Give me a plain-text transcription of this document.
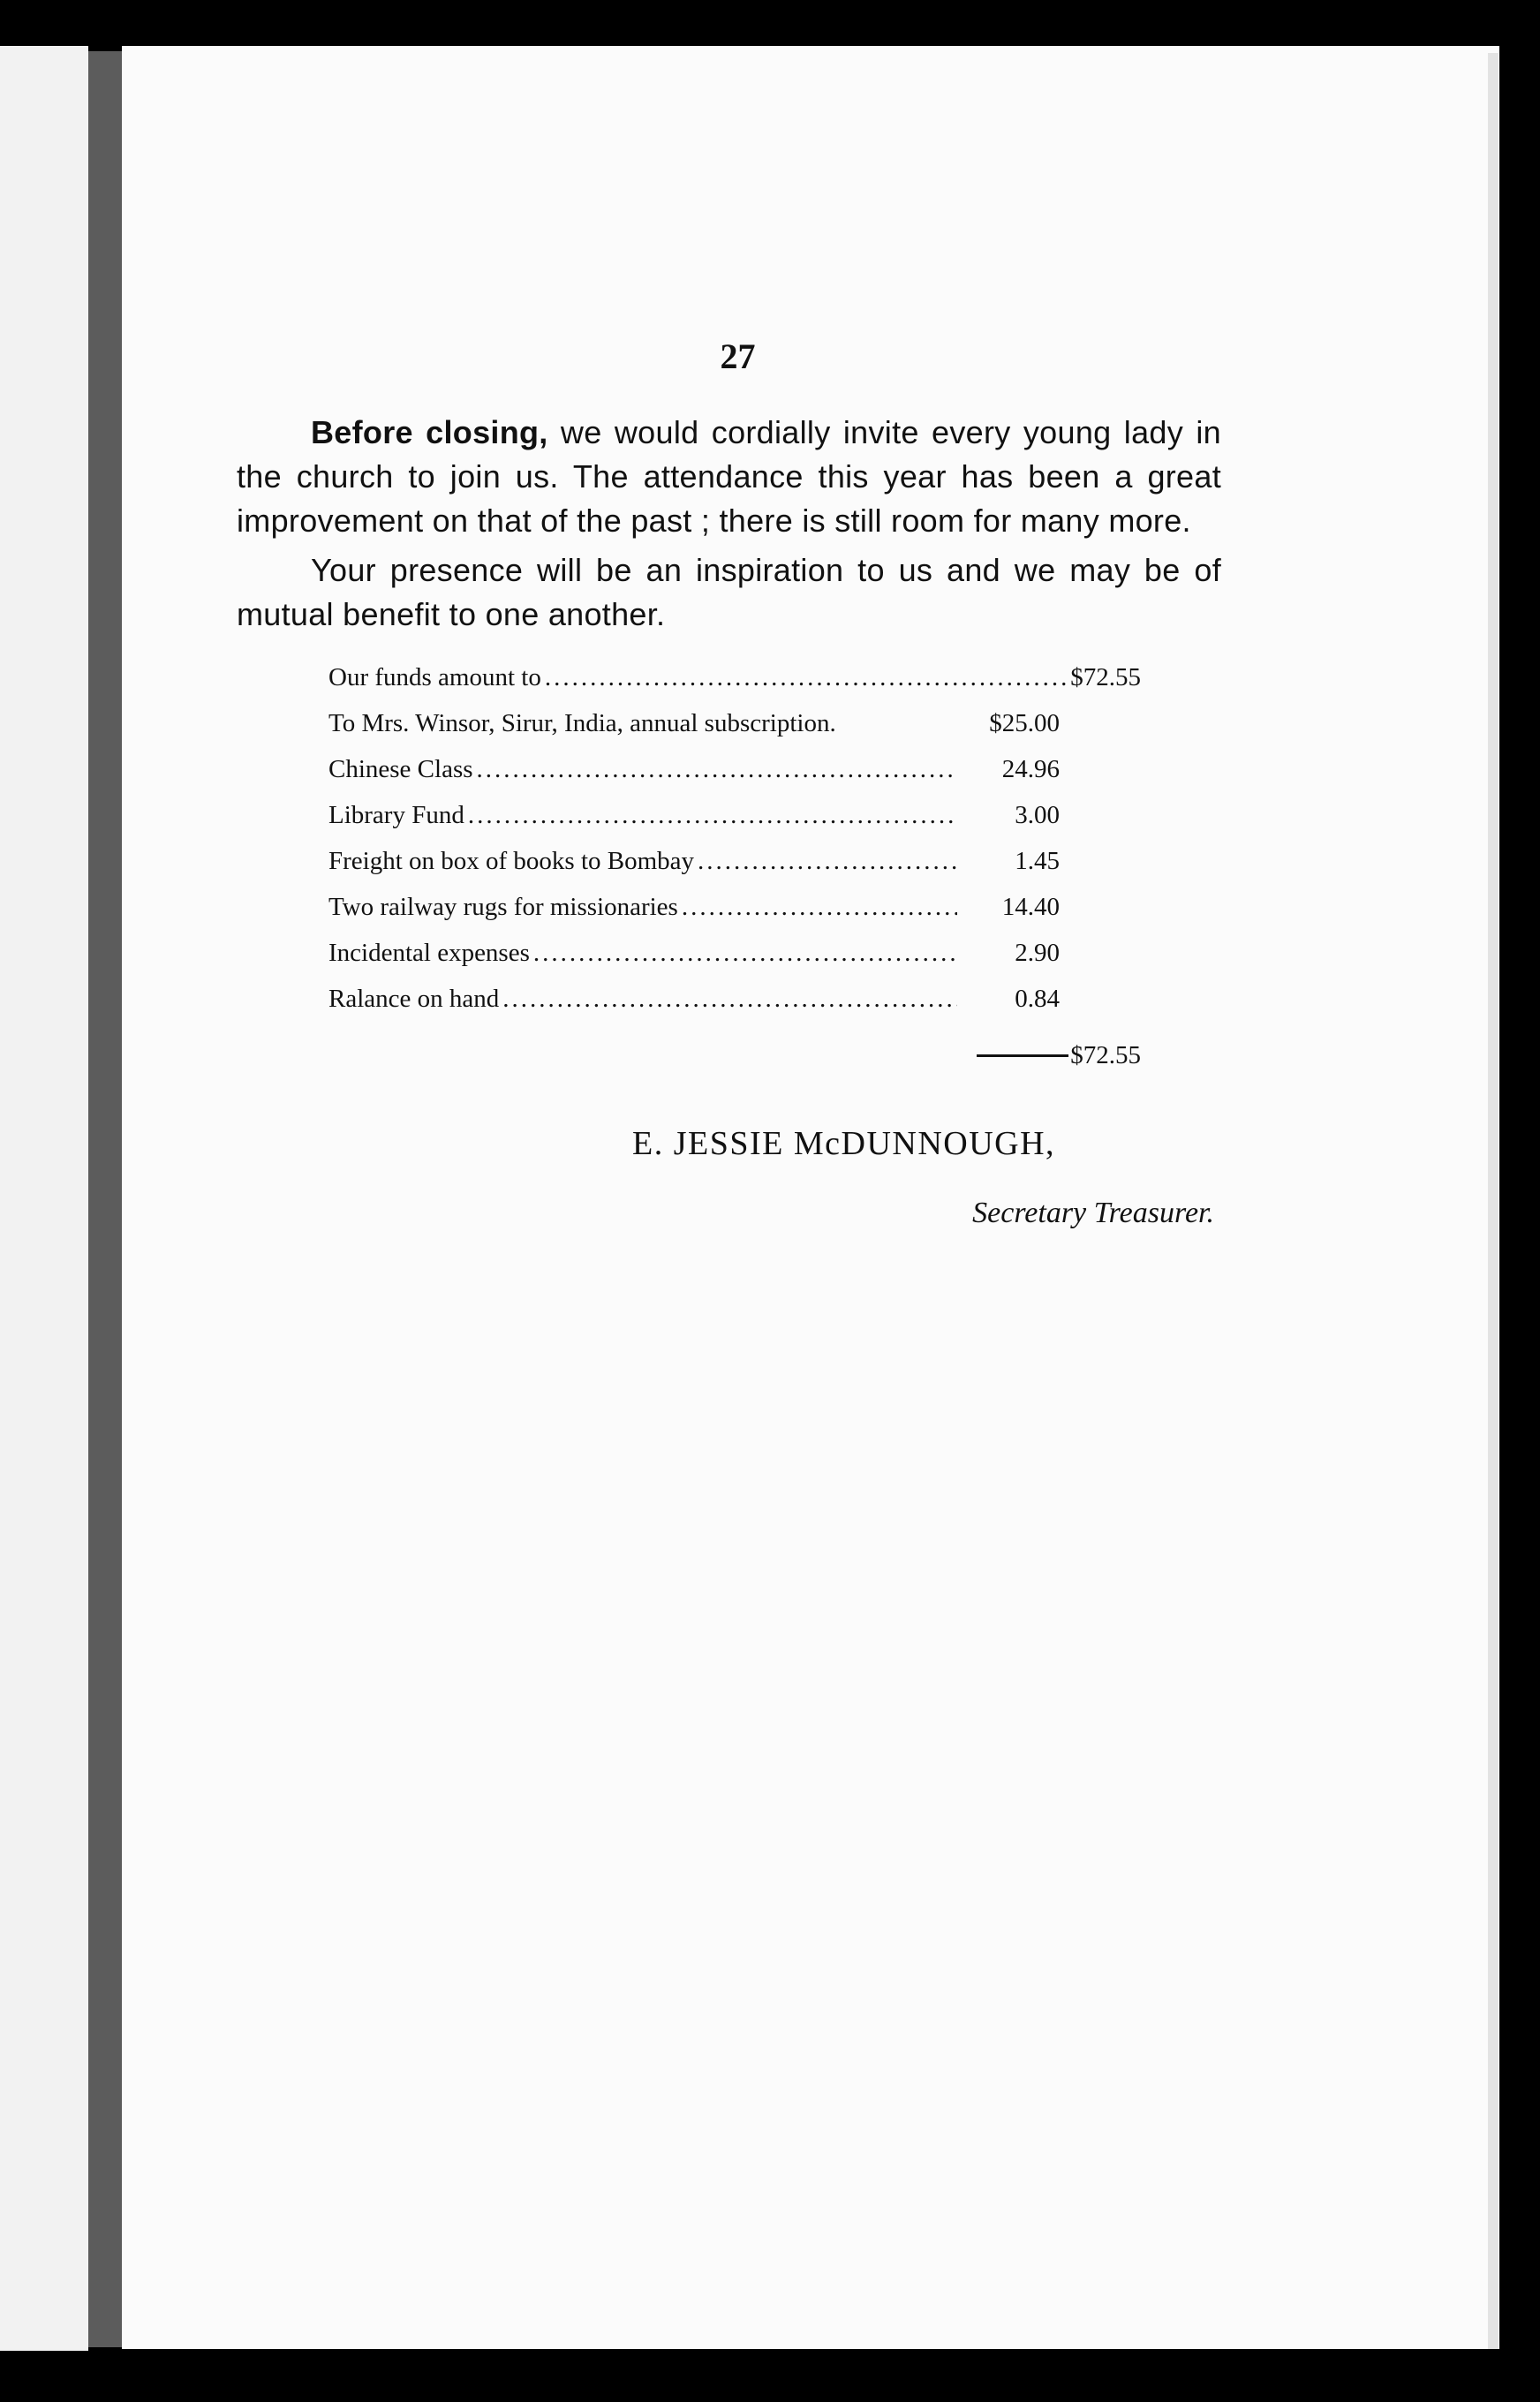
27

Before closing, we would cordially invite every young lady in the church to join us. The attendance this year has been a great improvement on that of the past ; there is still room for many more.

Your presence will be an inspiration to us and we may be of mutual benefit to one another.

Our funds amount to .....	$72.55
To Mrs. Winsor, Sirur, India, annual subscription.	$25.00
Chinese Class .....	24.96
Library Fund .....	3.00
Freight on box of books to Bombay .....	1.45
Two railway rugs for missionaries .....	14.40
Incidental expenses .....	2.90
Ralance on hand .....	0.84
$72.55
E. JESSIE McDUNNOUGH,
Secretary Treasurer.
